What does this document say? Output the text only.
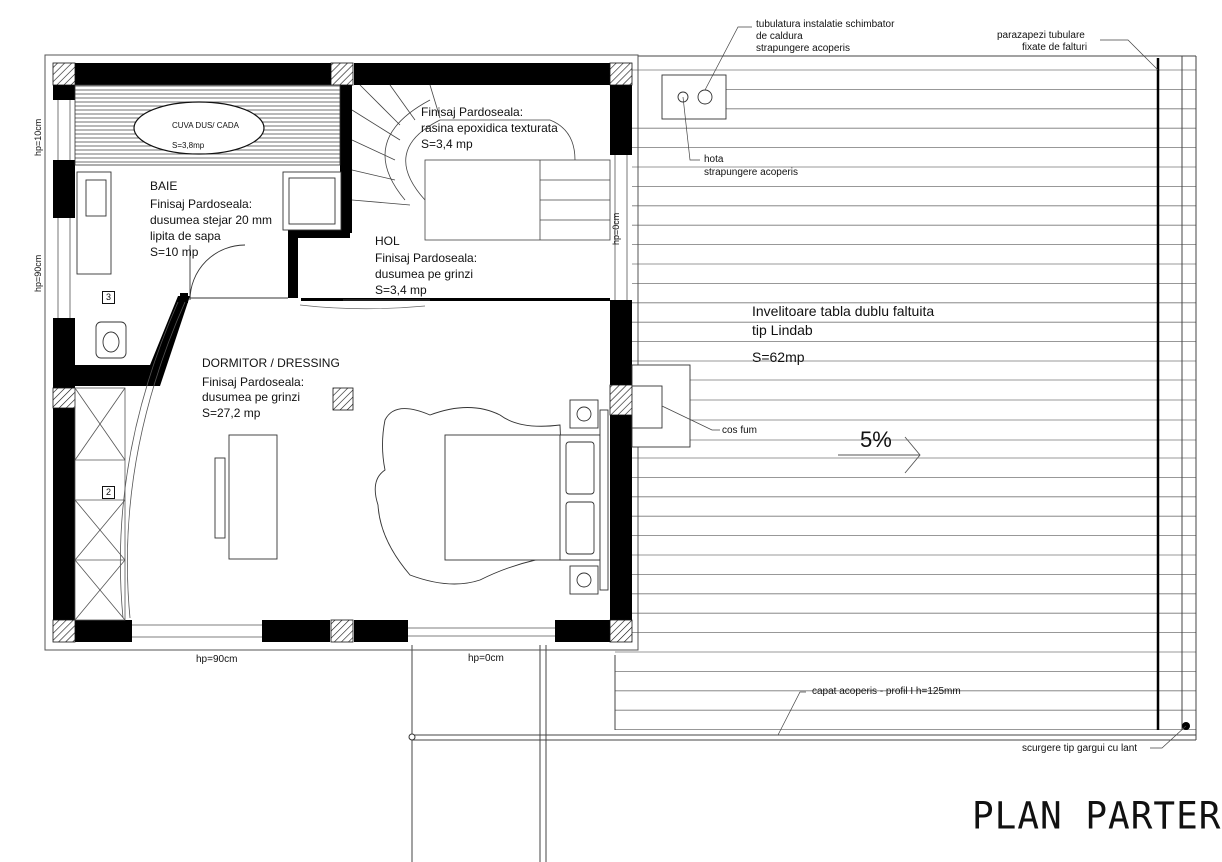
CUVA DUS/ CADA
S=3,8mp
BAIE
Finisaj Pardoseala:
dusumea stejar 20 mm
lipita de sapa
S=10 mp
Finisaj Pardoseala:
rasina epoxidica texturata
S=3,4 mp
HOL
Finisaj Pardoseala:
dusumea pe grinzi
S=3,4 mp
DORMITOR / DRESSING
Finisaj Pardoseala:
dusumea pe grinzi
S=27,2 mp
Invelitoare tabla dublu faltuita
tip Lindab
S=62mp
5%
tubulatura instalatie schimbator
de caldura
strapungere acoperis
parazapezi tubulare
fixate de falturi
hota
strapungere acoperis
cos fum
capat acoperis - profil I h=125mm
scurgere tip gargui cu lant
hp=10cm
hp=90cm
hp=0cm
hp=90cm	hp=0cm
3
2
PLAN PARTER
